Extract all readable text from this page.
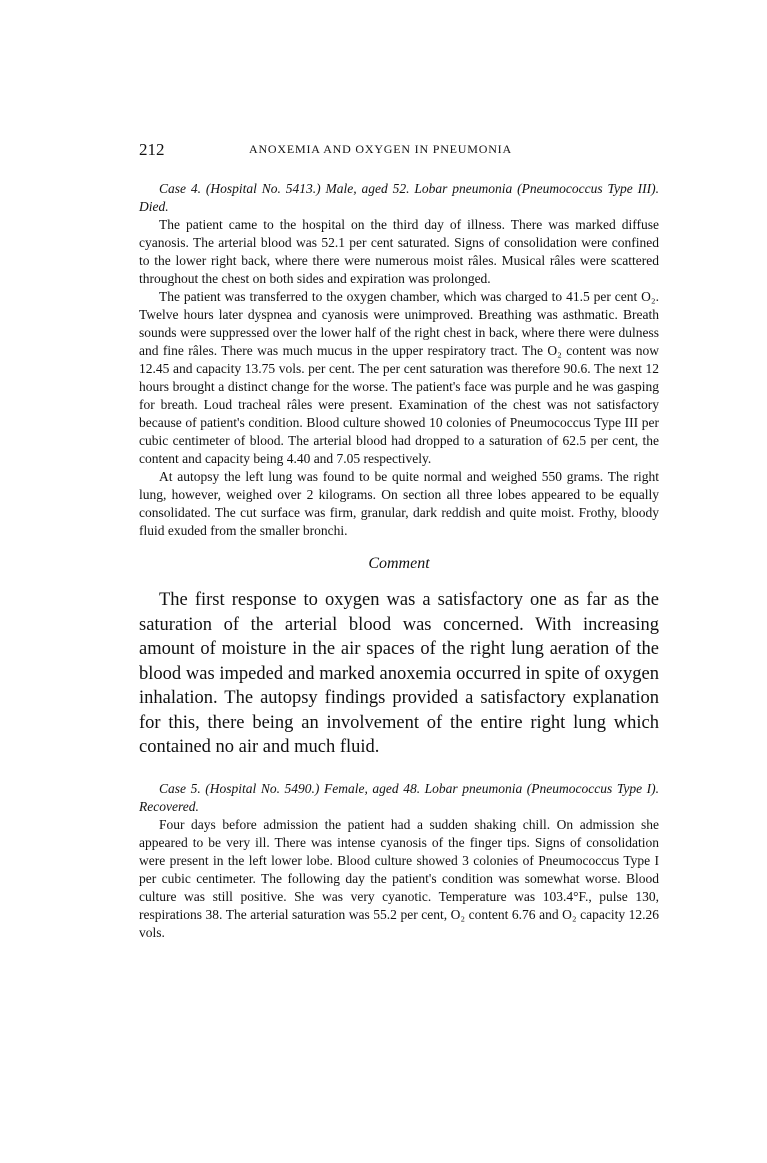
212	ANOXEMIA AND OXYGEN IN PNEUMONIA

Case 4. (Hospital No. 5413.) Male, aged 52. Lobar pneumonia (Pneumococcus Type III). Died.

The patient came to the hospital on the third day of illness. There was marked diffuse cyanosis. The arterial blood was 52.1 per cent saturated. Signs of consolidation were confined to the lower right back, where there were numerous moist râles. Musical râles were scattered throughout the chest on both sides and expiration was prolonged.

The patient was transferred to the oxygen chamber, which was charged to 41.5 per cent O₂. Twelve hours later dyspnea and cyanosis were unimproved. Breathing was asthmatic. Breath sounds were suppressed over the lower half of the right chest in back, where there were dulness and fine râles. There was much mucus in the upper respiratory tract. The O₂ content was now 12.45 and capacity 13.75 vols. per cent. The per cent saturation was therefore 90.6. The next 12 hours brought a distinct change for the worse. The patient's face was purple and he was gasping for breath. Loud tracheal râles were present. Examination of the chest was not satisfactory because of patient's condition. Blood culture showed 10 colonies of Pneumococcus Type III per cubic centimeter of blood. The arterial blood had dropped to a saturation of 62.5 per cent, the content and capacity being 4.40 and 7.05 respectively.

At autopsy the left lung was found to be quite normal and weighed 550 grams. The right lung, however, weighed over 2 kilograms. On section all three lobes appeared to be equally consolidated. The cut surface was firm, granular, dark reddish and quite moist. Frothy, bloody fluid exuded from the smaller bronchi.

Comment

The first response to oxygen was a satisfactory one as far as the saturation of the arterial blood was concerned. With increasing amount of moisture in the air spaces of the right lung aeration of the blood was impeded and marked anoxemia occurred in spite of oxygen inhalation. The autopsy findings provided a satisfactory explanation for this, there being an involvement of the entire right lung which contained no air and much fluid.

Case 5. (Hospital No. 5490.) Female, aged 48. Lobar pneumonia (Pneumococcus Type I). Recovered.

Four days before admission the patient had a sudden shaking chill. On admission she appeared to be very ill. There was intense cyanosis of the finger tips. Signs of consolidation were present in the left lower lobe. Blood culture showed 3 colonies of Pneumococcus Type I per cubic centimeter. The following day the patient's condition was somewhat worse. Blood culture was still positive. She was very cyanotic. Temperature was 103.4°F., pulse 130, respirations 38. The arterial saturation was 55.2 per cent, O₂ content 6.76 and O₂ capacity 12.26 vols.
